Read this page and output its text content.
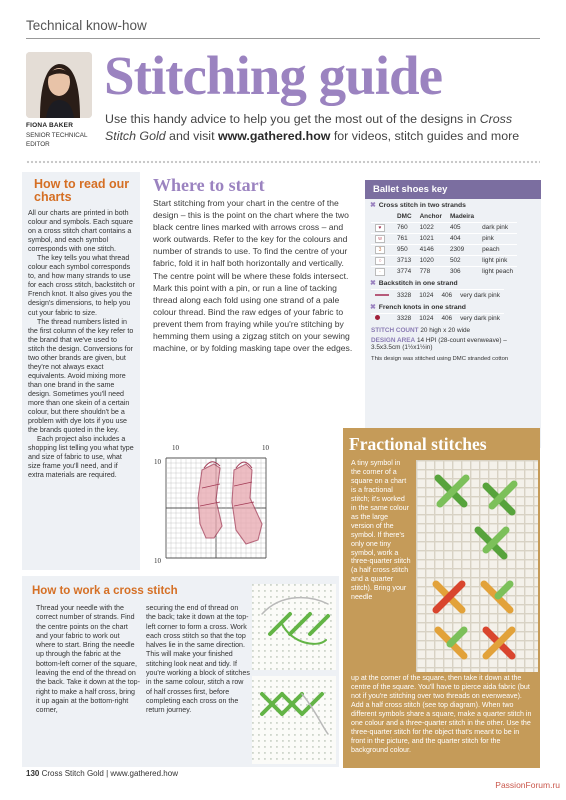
Technical know-how
FIONA BAKER
SENIOR TECHNICAL EDITOR
Stitching guide
Use this handy advice to help you get the most out of the designs in Cross Stitch Gold and visit www.gathered.how for videos, stitch guides and more
How to read our charts

All our charts are printed in both colour and symbols. Each square on a cross stitch chart contains a symbol, and each symbol corresponds with one stitch.

The key tells you what thread colour each symbol corresponds to, and how many strands to use for each cross stitch, backstitch or French knot. It also gives you the design's dimensions, to help you cut your fabric to size.

The thread numbers listed in the first column of the key refer to the brand that we've used to stitch the design. Conversions for two other brands are given, but they're not always exact equivalents. Avoid mixing more than one brand in the same design. Sometimes you'll need more than one skein of a certain colour, but there shouldn't be a problem with dye lots if you use the brands quoted in the key.

Each project also includes a shopping list telling you what type and size of fabric to use, what size frame you'll need, and if extra materials are required.

Where to start
Start stitching from your chart in the centre of the design – this is the point on the chart where the two black centre lines marked with arrows cross – and work outwards. Refer to the key for the colours and number of strands to use. To find the centre of your fabric, fold it in half both horizontally and vertically. The centre point will be where these folds intersect. Mark this point with a pin, or run a line of tacking thread along each fold using one strand of a pale colour thread. Bind the raw edges of your fabric to prevent them from fraying while you're stitching by hemming them using a zigzag stitch on your sewing machine, or by folding masking tape over the edges.
10	10
10
10
Ballet shoes key
✖ Cross stitch in two strands
	DMC	Anchor	Madeira	
♥	760	1022	405	dark pink
w	761	1021	404	pink
3	950	4146	2309	peach
○	3713	1020	502	light pink
·	3774	778	306	light peach
✖ Backstitch in one strand
	3328	1024	406	very dark pink
✖ French knots in one strand
	3328	1024	406	very dark pink
STITCH COUNT 20 high x 20 wide
DESIGN AREA 14 HPI (28-count evenweave) – 3.5x3.5cm (1½x1½in)
This design was stitched using DMC stranded cotton
Fractional stitches
A tiny symbol in the corner of a square on a chart is a fractional stitch; it's worked in the same colour as the large version of the symbol. If there's only one tiny symbol, work a three-quarter stitch (a half cross stitch and a quarter stitch). Bring your needle
up at the corner of the square, then take it down at the centre of the square. You'll have to pierce aida fabric (but not if you're stitching over two threads on evenweave). Add a half cross stitch (see top diagram). When two different symbols share a square, make a quarter stitch in one colour and a three-quarter stitch in the other. Use the three-quarter stitch for the object that's meant to be in front in the picture, and the quarter stitch for the background colour.
How to work a cross stitch
Thread your needle with the correct number of strands. Find the centre points on the chart and your fabric to work out where to start. Bring the needle up through the fabric at the bottom-left corner of the square, leaving the end of the thread on the back. Take it down at the top-right to make a half cross, bring it up again at the bottom-right corner,
securing the end of thread on the back; take it down at the top-left corner to form a cross. Work each cross stitch so that the top halves lie in the same direction. This will make your finished stitching look neat and tidy. If you're working a block of stitches in the same colour, stitch a row of half crosses first, before completing each cross on the return journey.
130 Cross Stitch Gold | www.gathered.how
PassionForum.ru
